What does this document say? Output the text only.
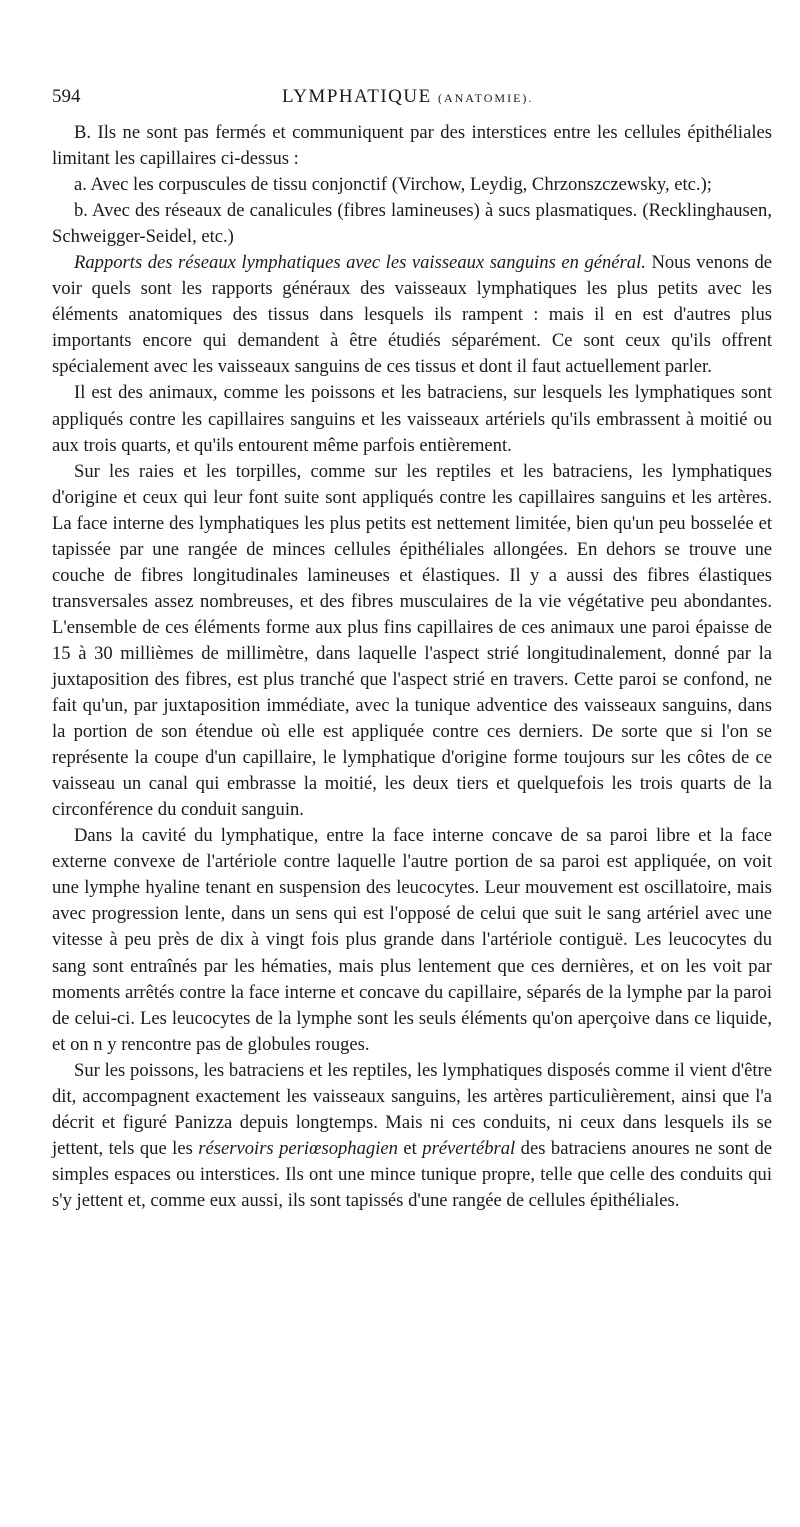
594	LYMPHATIQUE (ANATOMIE).

B. Ils ne sont pas fermés et communiquent par des interstices entre les cellules épithéliales limitant les capillaires ci-dessus :

a. Avec les corpuscules de tissu conjonctif (Virchow, Leydig, Chrzonszczewsky, etc.);

b. Avec des réseaux de canalicules (fibres lamineuses) à sucs plasmatiques. (Recklinghausen, Schweigger-Seidel, etc.)

Rapports des réseaux lymphatiques avec les vaisseaux sanguins en général. Nous venons de voir quels sont les rapports généraux des vaisseaux lymphatiques les plus petits avec les éléments anatomiques des tissus dans lesquels ils rampent : mais il en est d'autres plus importants encore qui demandent à être étudiés séparément. Ce sont ceux qu'ils offrent spécialement avec les vaisseaux sanguins de ces tissus et dont il faut actuellement parler.

Il est des animaux, comme les poissons et les batraciens, sur lesquels les lymphatiques sont appliqués contre les capillaires sanguins et les vaisseaux artériels qu'ils embrassent à moitié ou aux trois quarts, et qu'ils entourent même parfois entièrement.

Sur les raies et les torpilles, comme sur les reptiles et les batraciens, les lymphatiques d'origine et ceux qui leur font suite sont appliqués contre les capillaires sanguins et les artères. La face interne des lymphatiques les plus petits est nettement limitée, bien qu'un peu bosselée et tapissée par une rangée de minces cellules épithéliales allongées. En dehors se trouve une couche de fibres longitudinales lamineuses et élastiques. Il y a aussi des fibres élastiques transversales assez nombreuses, et des fibres musculaires de la vie végétative peu abondantes. L'ensemble de ces éléments forme aux plus fins capillaires de ces animaux une paroi épaisse de 15 à 30 millièmes de millimètre, dans laquelle l'aspect strié longitudinalement, donné par la juxtaposition des fibres, est plus tranché que l'aspect strié en travers. Cette paroi se confond, ne fait qu'un, par juxtaposition immédiate, avec la tunique adventice des vaisseaux sanguins, dans la portion de son étendue où elle est appliquée contre ces derniers. De sorte que si l'on se représente la coupe d'un capillaire, le lymphatique d'origine forme toujours sur les côtes de ce vaisseau un canal qui embrasse la moitié, les deux tiers et quelquefois les trois quarts de la circonférence du conduit sanguin.

Dans la cavité du lymphatique, entre la face interne concave de sa paroi libre et la face externe convexe de l'artériole contre laquelle l'autre portion de sa paroi est appliquée, on voit une lymphe hyaline tenant en suspension des leucocytes. Leur mouvement est oscillatoire, mais avec progression lente, dans un sens qui est l'opposé de celui que suit le sang artériel avec une vitesse à peu près de dix à vingt fois plus grande dans l'artériole contiguë. Les leucocytes du sang sont entraînés par les hématies, mais plus lentement que ces dernières, et on les voit par moments arrêtés contre la face interne et concave du capillaire, séparés de la lymphe par la paroi de celui-ci. Les leucocytes de la lymphe sont les seuls éléments qu'on aperçoive dans ce liquide, et on n y rencontre pas de globules rouges.

Sur les poissons, les batraciens et les reptiles, les lymphatiques disposés comme il vient d'être dit, accompagnent exactement les vaisseaux sanguins, les artères particulièrement, ainsi que l'a décrit et figuré Panizza depuis longtemps. Mais ni ces conduits, ni ceux dans lesquels ils se jettent, tels que les réservoirs periœsophagien et prévertébral des batraciens anoures ne sont de simples espaces ou interstices. Ils ont une mince tunique propre, telle que celle des conduits qui s'y jettent et, comme eux aussi, ils sont tapissés d'une rangée de cellules épithéliales.
